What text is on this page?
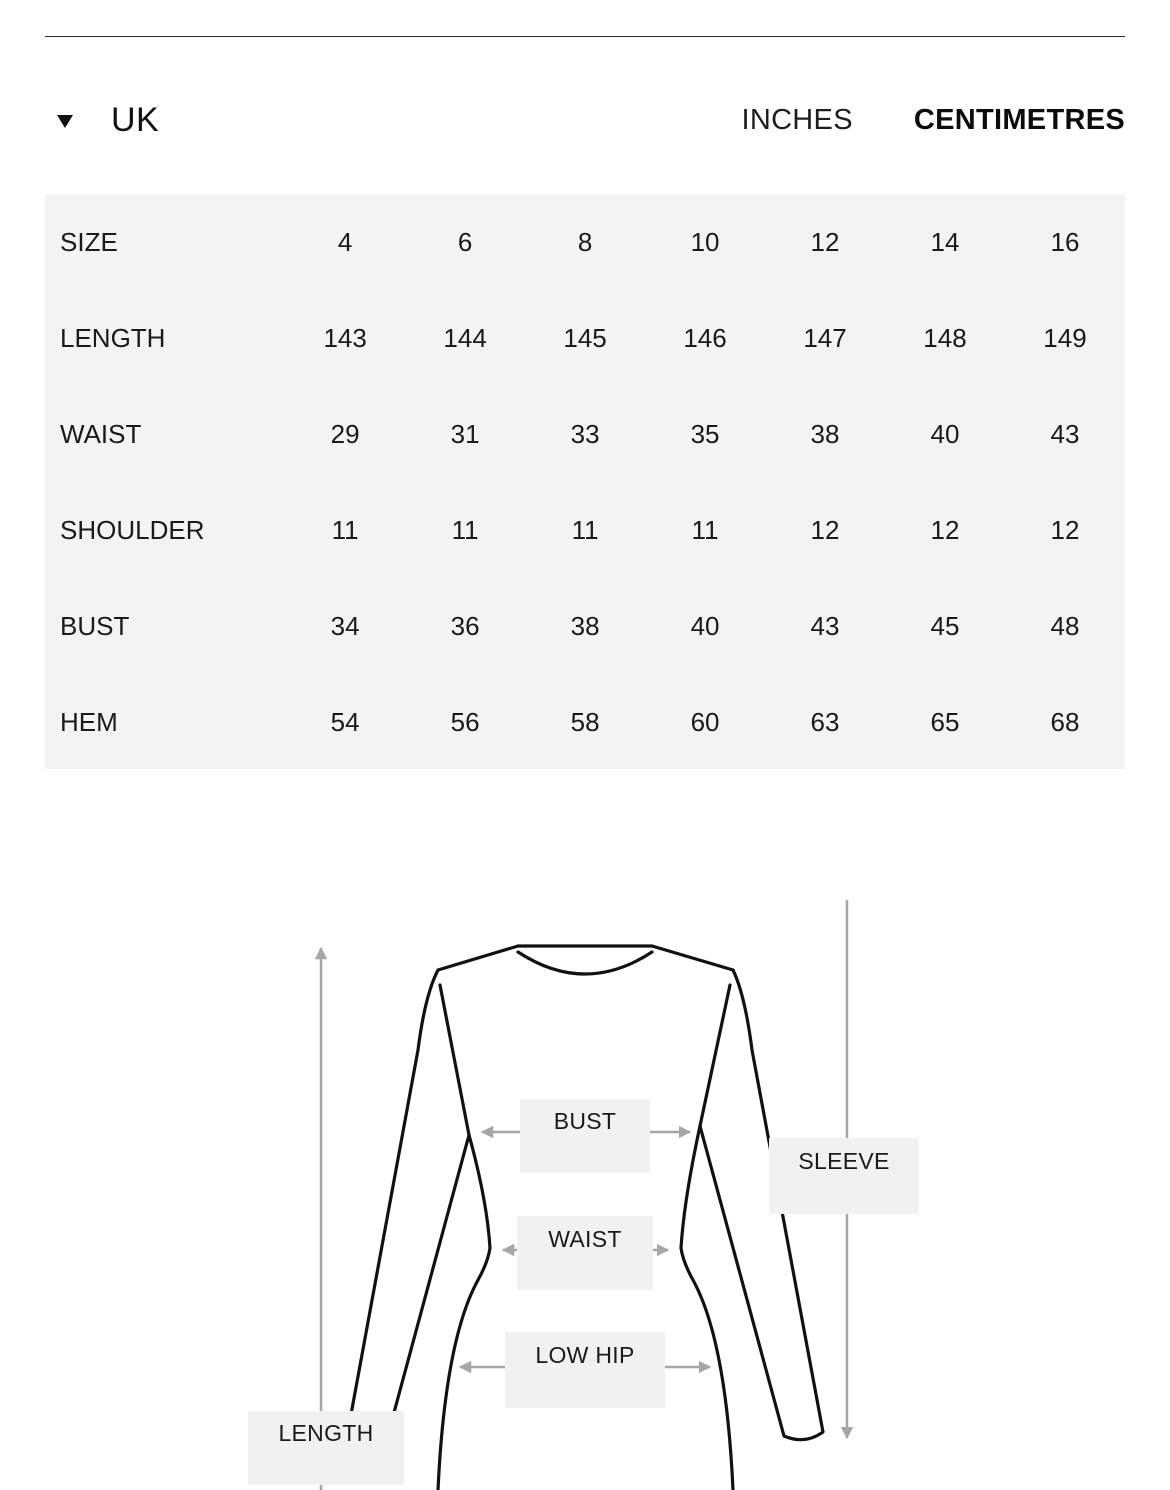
UK	INCHES CENTIMETRES
SIZE	4	6	8	10	12	14	16
LENGTH	143	144	145	146	147	148	149
WAIST	29	31	33	35	38	40	43
SHOULDER	11	11	11	11	12	12	12
BUST	34	36	38	40	43	45	48
HEM	54	56	58	60	63	65	68
BUST
WAIST
LOW HIP
SLEEVE
LENGTH
